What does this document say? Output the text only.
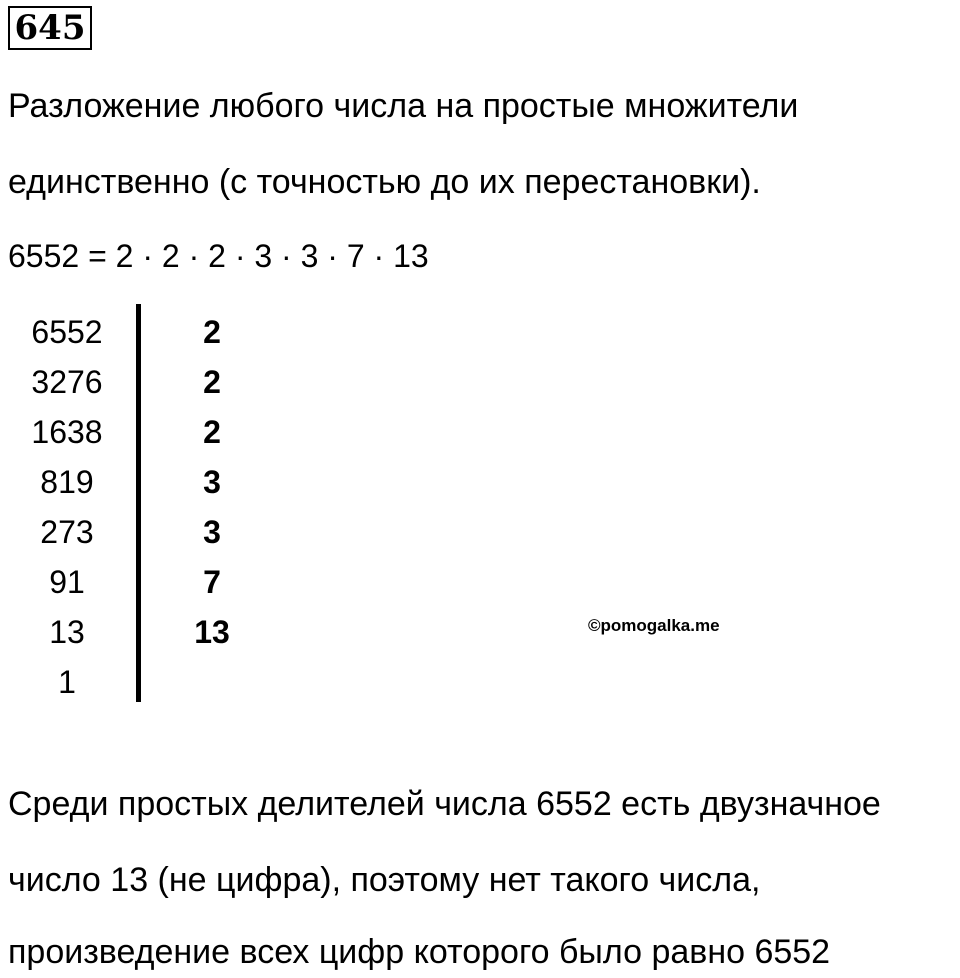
645
Разложение любого числа на простые множители
единственно (с точностью до их перестановки).
6552 = 2 · 2 · 2 · 3 · 3 · 7 · 13
6552	2
3276	2
1638	2
819	3
273	3
91	7
13	13
1
©pomogalka.me
Среди простых делителей числа 6552 есть двузначное
число 13 (не цифра), поэтому нет такого числа,
произведение всех цифр которого было равно 6552
